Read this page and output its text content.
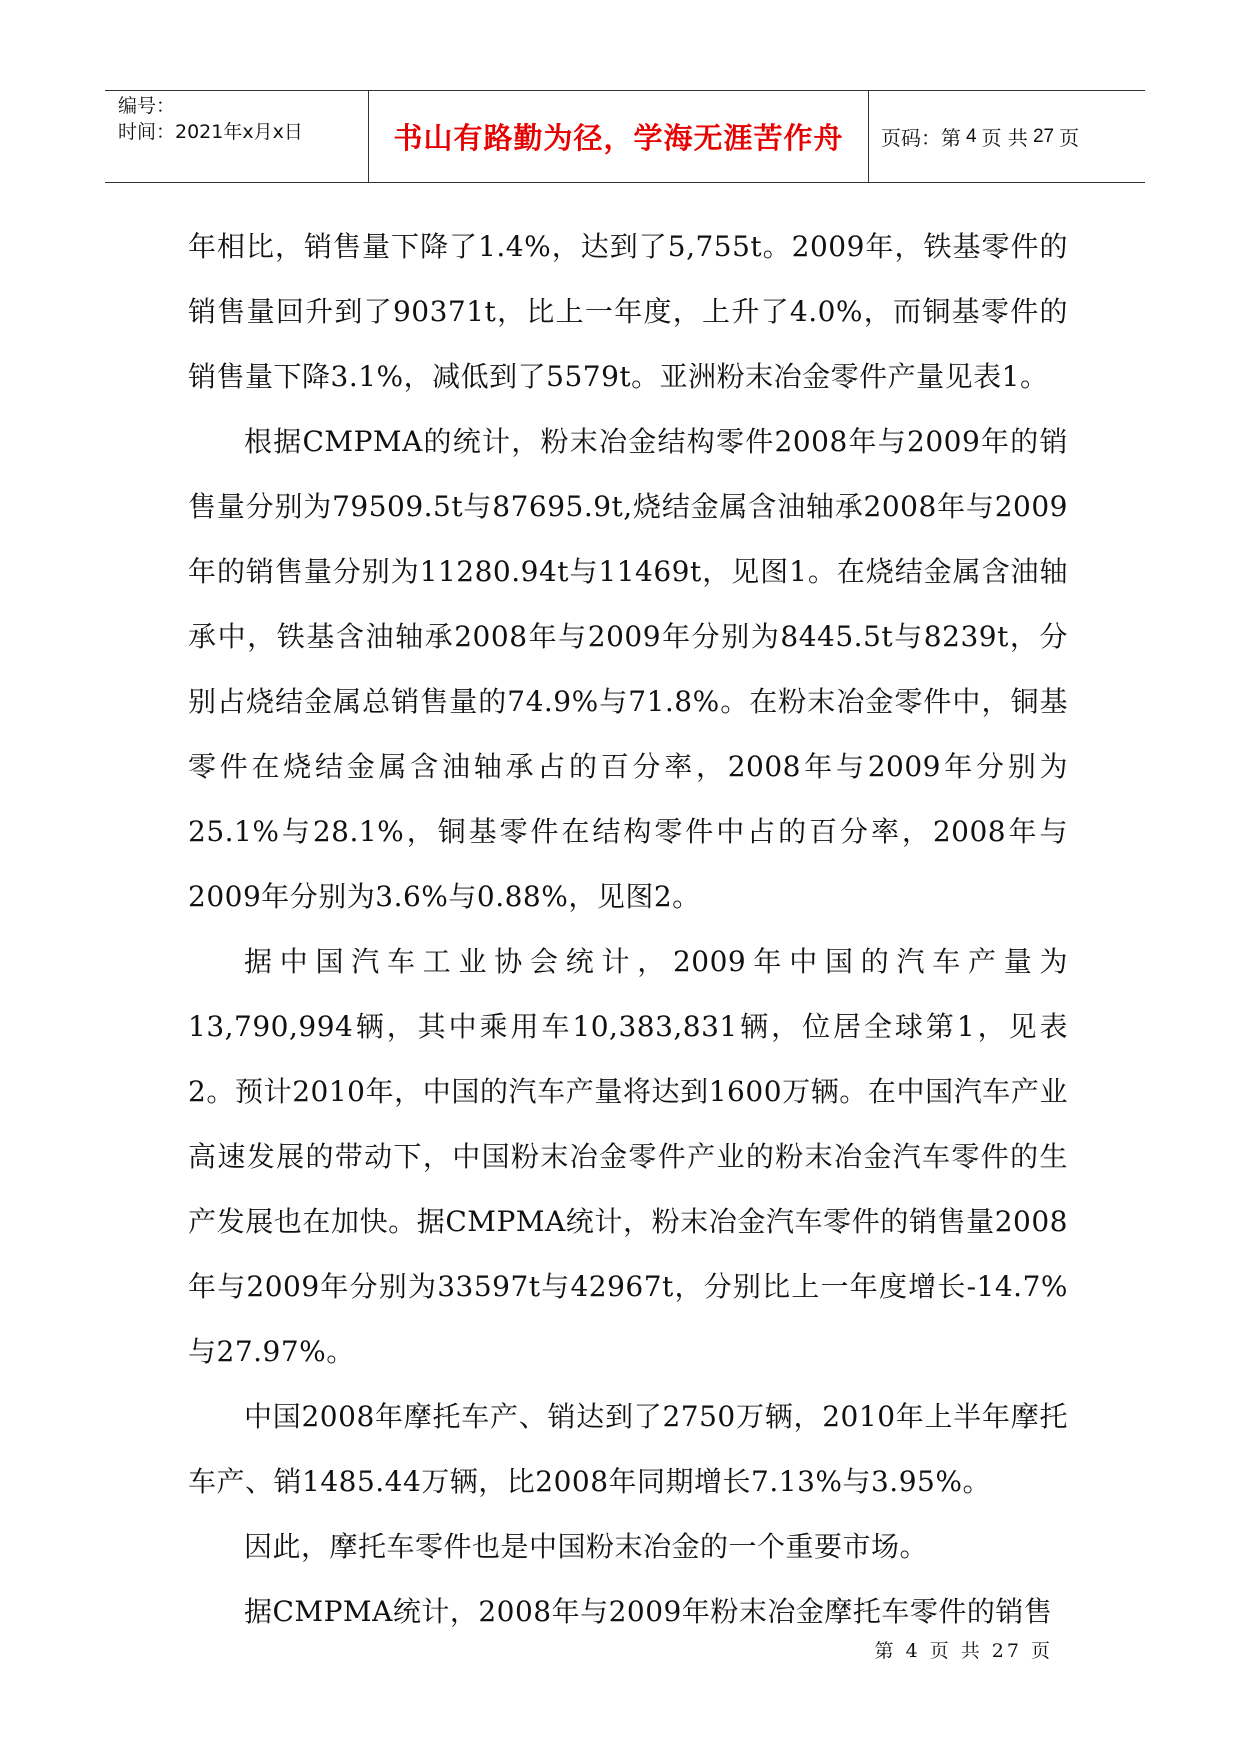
编号：
时间：2021年x月x日	书山有路勤为径，学海无涯苦作舟	页码：第 4 页 共 27 页

年相比，销售量下降了1.4%，达到了5,755t。2009年，铁基零件的销售量回升到了90371t，比上一年度，上升了4.0%，而铜基零件的销售量下降3.1%，减低到了5579t。亚洲粉末冶金零件产量见表1。

根据CMPMA的统计，粉末冶金结构零件2008年与2009年的销售量分别为79509.5t与87695.9t,烧结金属含油轴承2008年与2009年的销售量分别为11280.94t与11469t，见图1。在烧结金属含油轴承中，铁基含油轴承2008年与2009年分别为8445.5t与8239t，分别占烧结金属总销售量的74.9%与71.8%。在粉末冶金零件中，铜基零件在烧结金属含油轴承占的百分率，2008年与2009年分别为25.1%与28.1%，铜基零件在结构零件中占的百分率，2008年与2009年分别为3.6%与0.88%，见图2。

据中国汽车工业协会统计，2009年中国的汽车产量为13,790,994辆，其中乘用车10,383,831辆，位居全球第1，见表2。预计2010年，中国的汽车产量将达到1600万辆。在中国汽车产业高速发展的带动下，中国粉末冶金零件产业的粉末冶金汽车零件的生产发展也在加快。据CMPMA统计，粉末冶金汽车零件的销售量2008年与2009年分别为33597t与42967t，分别比上一年度增长-14.7%与27.97%。

中国2008年摩托车产、销达到了2750万辆，2010年上半年摩托车产、销1485.44万辆，比2008年同期增长7.13%与3.95%。

因此，摩托车零件也是中国粉末冶金的一个重要市场。

据CMPMA统计，2008年与2009年粉末冶金摩托车零件的销售

第 4 页 共 27 页
